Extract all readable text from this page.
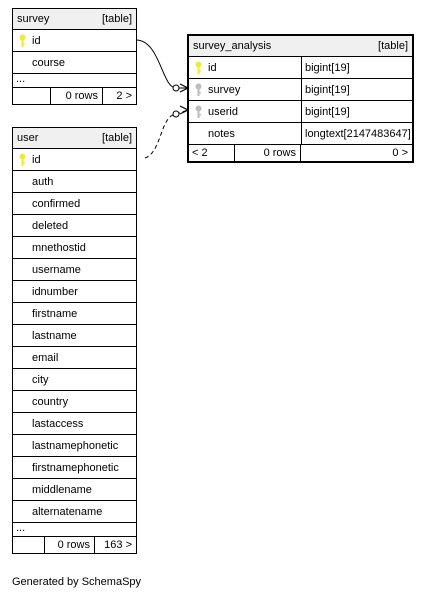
survey	[table]
id
course
...
0 rows	2 >
survey_analysis	[table]
id	bigint[19]
survey	bigint[19]
userid	bigint[19]
notes	longtext[2147483647]
< 2	0 rows	0 >
user	[table]
id
auth
confirmed
deleted
mnethostid
username
idnumber
firstname
lastname
email
city
country
lastaccess
lastnamephonetic
firstnamephonetic
middlename
alternatename
...
0 rows	163 >
Generated by SchemaSpy
